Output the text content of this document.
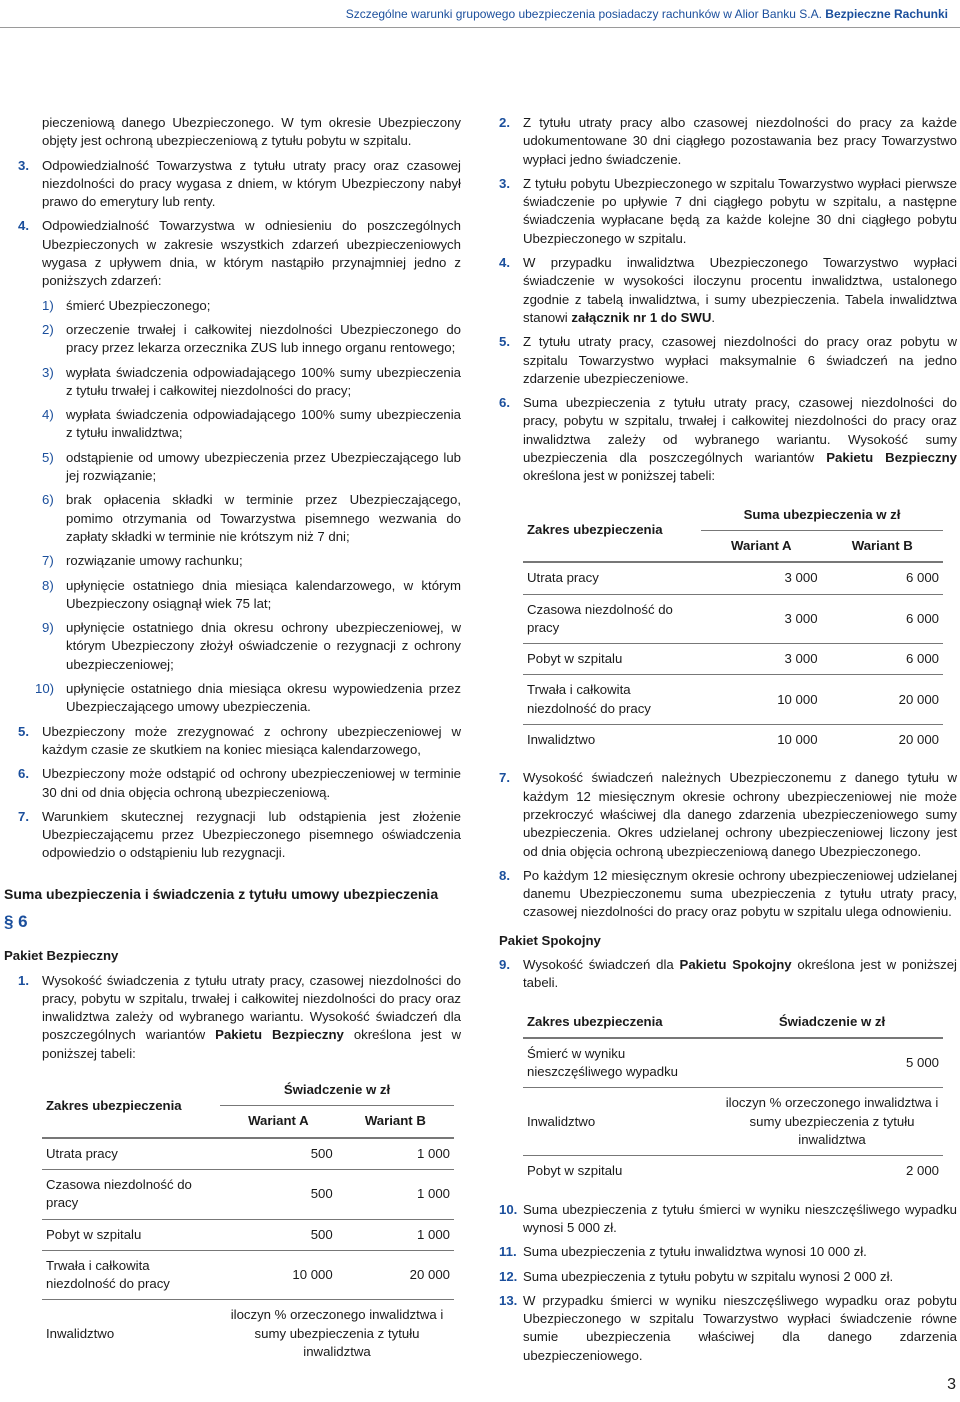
Szczególne warunki grupowego ubezpieczenia posiadaczy rachunków w Alior Banku S.A. Bezpieczne Rachunki
pieczeniową danego Ubezpieczonego. W tym okresie Ubezpieczony objęty jest ochroną ubezpieczeniową z tytułu pobytu w szpitalu.
3. Odpowiedzialność Towarzystwa z tytułu utraty pracy oraz czasowej niezdolności do pracy wygasa z dniem, w którym Ubezpieczony nabył prawo do emerytury lub renty.
4. Odpowiedzialność Towarzystwa w odniesieniu do poszczególnych Ubezpieczonych w zakresie wszystkich zdarzeń ubezpieczeniowych wygasa z upływem dnia, w którym nastąpiło przynajmniej jedno z poniższych zdarzeń:
1) śmierć Ubezpieczonego;
2) orzeczenie trwałej i całkowitej niezdolności Ubezpieczonego do pracy przez lekarza orzecznika ZUS lub innego organu rentowego;
3) wypłata świadczenia odpowiadającego 100% sumy ubezpieczenia z tytułu trwałej i całkowitej niezdolności do pracy;
4) wypłata świadczenia odpowiadającego 100% sumy ubezpieczenia z tytułu inwalidztwa;
5) odstąpienie od umowy ubezpieczenia przez Ubezpieczającego lub jej rozwiązanie;
6) brak opłacenia składki w terminie przez Ubezpieczającego, pomimo otrzymania od Towarzystwa pisemnego wezwania do zapłaty składki w terminie nie krótszym niż 7 dni;
7) rozwiązanie umowy rachunku;
8) upłynięcie ostatniego dnia miesiąca kalendarzowego, w którym Ubezpieczony osiągnął wiek 75 lat;
9) upłynięcie ostatniego dnia okresu ochrony ubezpieczeniowej, w którym Ubezpieczony złożył oświadczenie o rezygnacji z ochrony ubezpieczeniowej;
10) upłynięcie ostatniego dnia miesiąca okresu wypowiedzenia przez Ubezpieczającego umowy ubezpieczenia.
5. Ubezpieczony może zrezygnować z ochrony ubezpieczeniowej w każdym czasie ze skutkiem na koniec miesiąca kalendarzowego,
6. Ubezpieczony może odstąpić od ochrony ubezpieczeniowej w terminie 30 dni od dnia objęcia ochroną ubezpieczeniową.
7. Warunkiem skutecznej rezygnacji lub odstąpienia jest złożenie Ubezpieczającemu przez Ubezpieczonego pisemnego oświadczenia odpowiedzio o odstąpieniu lub rezygnacji.
Suma ubezpieczenia i świadczenia z tytułu umowy ubezpieczenia
§ 6
Pakiet Bezpieczny
1. Wysokość świadczenia z tytułu utraty pracy, czasowej niezdolności do pracy, pobytu w szpitalu, trwałej i całkowitej niezdolności do pracy oraz inwalidztwa zależy od wybranego wariantu. Wysokość świadczeń dla poszczególnych wariantów Pakietu Bezpieczny określona jest w poniższej tabeli:
Zakres ubezpieczenia	Świadczenie w zł	
	Wariant A	Wariant B
Utrata pracy	500	1 000
Czasowa niezdolność do pracy	500	1 000
Pobyt w szpitalu	500	1 000
Trwała i całkowita niezdolność do pracy	10 000	20 000
Inwalidztwo	iloczyn % orzeczonego inwalidztwa i sumy ubezpieczenia z tytułu inwalidztwa	
2. Z tytułu utraty pracy albo czasowej niezdolności do pracy za każde udokumentowane 30 dni ciągłego pozostawania bez pracy Towarzystwo wypłaci jedno świadczenie.
3. Z tytułu pobytu Ubezpieczonego w szpitalu Towarzystwo wypłaci pierwsze świadczenie po upływie 7 dni ciągłego pobytu w szpitalu, a następne świadczenia wypłacane będą za każde kolejne 30 dni ciągłego pobytu Ubezpieczonego w szpitalu.
4. W przypadku inwalidztwa Ubezpieczonego Towarzystwo wypłaci świadczenie w wysokości iloczynu procentu inwalidztwa, ustalonego zgodnie z tabelą inwalidztwa, i sumy ubezpieczenia. Tabela inwalidztwa stanowi załącznik nr 1 do SWU.
5. Z tytułu utraty pracy, czasowej niezdolności do pracy oraz pobytu w szpitalu Towarzystwo wypłaci maksymalnie 6 świadczeń na jedno zdarzenie ubezpieczeniowe.
6. Suma ubezpieczenia z tytułu utraty pracy, czasowej niezdolności do pracy, pobytu w szpitalu, trwałej i całkowitej niezdolności do pracy oraz inwalidztwa zależy od wybranego wariantu. Wysokość sumy ubezpieczenia dla poszczególnych wariantów Pakietu Bezpieczny określona jest w poniższej tabeli:
Zakres ubezpieczenia	Suma ubezpieczenia w zł	
	Wariant A	Wariant B
Utrata pracy	3 000	6 000
Czasowa niezdolność do pracy	3 000	6 000
Pobyt w szpitalu	3 000	6 000
Trwała i całkowita niezdolność do pracy	10 000	20 000
Inwalidztwo	10 000	20 000
7. Wysokość świadczeń należnych Ubezpieczonemu z danego tytułu w każdym 12 miesięcznym okresie ochrony ubezpieczeniowej nie może przekroczyć właściwej dla danego zdarzenia ubezpieczeniowego sumy ubezpieczenia. Okres udzielanej ochrony ubezpieczeniowej liczony jest od dnia objęcia ochroną ubezpieczeniową danego Ubezpieczonego.
8. Po każdym 12 miesięcznym okresie ochrony ubezpieczeniowej udzielanej danemu Ubezpieczonemu suma ubezpieczenia z tytułu utraty pracy, czasowej niezdolności do pracy oraz pobytu w szpitalu ulega odnowieniu.
Pakiet Spokojny
9. Wysokość świadczeń dla Pakietu Spokojny określona jest w poniższej tabeli.
Zakres ubezpieczenia	Świadczenie w zł
Śmierć w wyniku nieszczęśliwego wypadku	5 000
Inwalidztwo	iloczyn % orzeczonego inwalidztwa i sumy ubezpieczenia z tytułu inwalidztwa
Pobyt w szpitalu	2 000
10. Suma ubezpieczenia z tytułu śmierci w wyniku nieszczęśliwego wypadku wynosi 5 000 zł.
11. Suma ubezpieczenia z tytułu inwalidztwa wynosi 10 000 zł.
12. Suma ubezpieczenia z tytułu pobytu w szpitalu wynosi 2 000 zł.
13. W przypadku śmierci w wyniku nieszczęśliwego wypadku oraz pobytu Ubezpieczonego w szpitalu Towarzystwo wypłaci świadczenie równe sumie ubezpieczenia właściwej dla danego zdarzenia ubezpieczeniowego.
3
